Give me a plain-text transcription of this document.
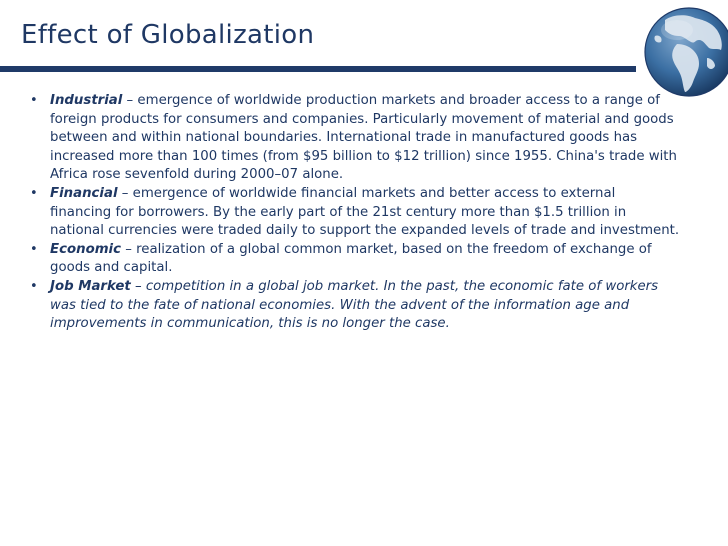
Effect of Globalization
• Industrial – emergence of worldwide production markets and broader access to a range of foreign products for consumers and companies. Particularly movement of material and goods between and within national boundaries. International trade in manufactured goods has increased more than 100 times (from $95 billion to $12 trillion) since 1955. China's trade with Africa rose sevenfold during 2000–07 alone.
• Financial – emergence of worldwide financial markets and better access to external financing for borrowers. By the early part of the 21st century more than $1.5 trillion in national currencies were traded daily to support the expanded levels of trade and investment.
• Economic – realization of a global common market, based on the freedom of exchange of goods and capital.
• Job Market – competition in a global job market. In the past, the economic fate of workers was tied to the fate of national economies. With the advent of the information age and improvements in communication, this is no longer the case.
